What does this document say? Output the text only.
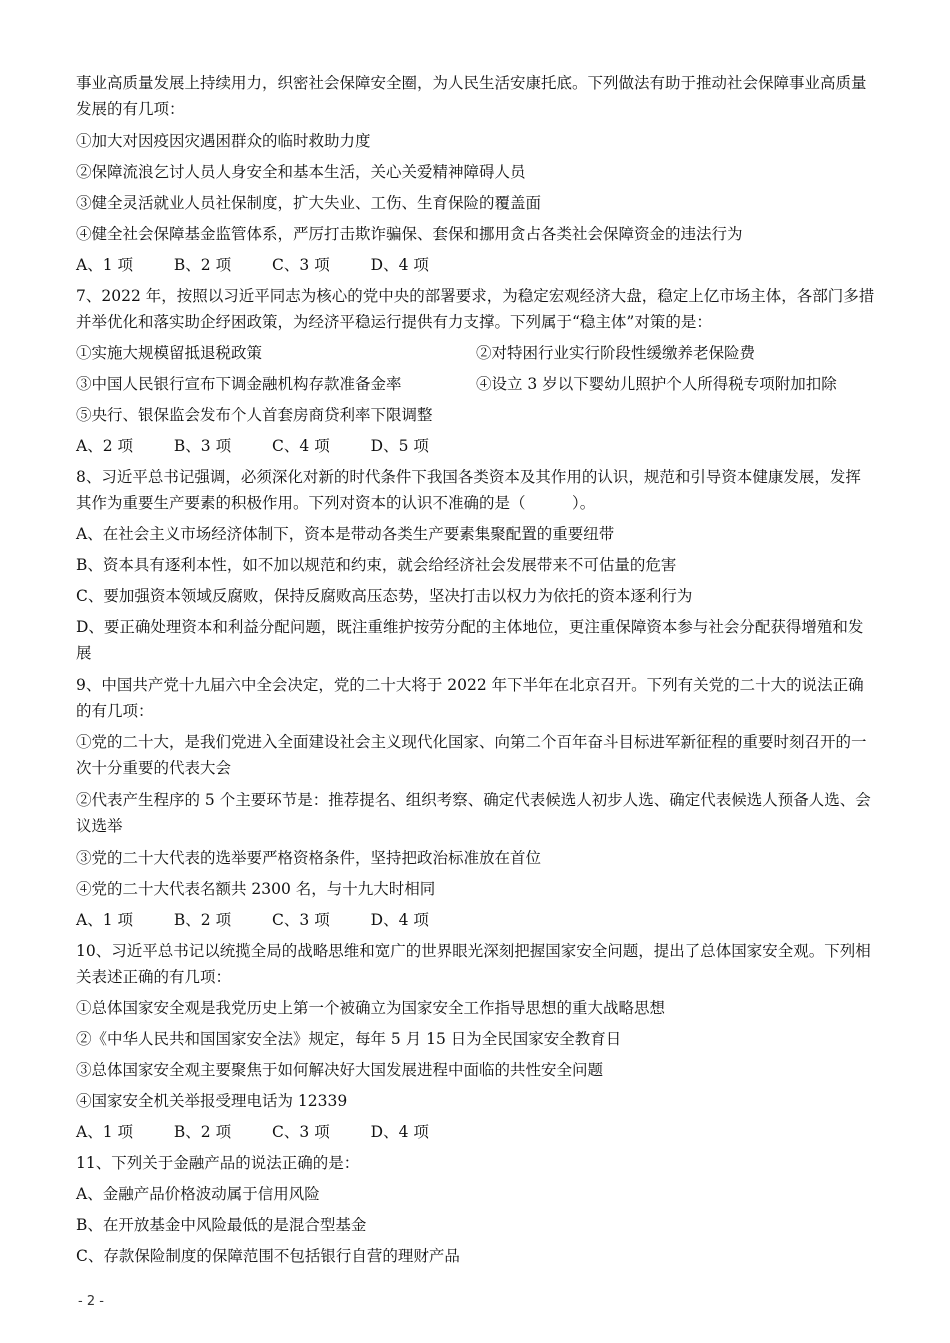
事业高质量发展上持续用力，织密社会保障安全圈，为人民生活安康托底。下列做法有助于推动社会保障事业高质量发展的有几项：

①加大对因疫因灾遇困群众的临时救助力度

②保障流浪乞讨人员人身安全和基本生活，关心关爱精神障碍人员

③健全灵活就业人员社保制度，扩大失业、工伤、生育保险的覆盖面

④健全社会保障基金监管体系，严厉打击欺诈骗保、套保和挪用贪占各类社会保障资金的违法行为

A、1 项	B、2 项	C、3 项	D、4 项

7、2022 年，按照以习近平同志为核心的党中央的部署要求，为稳定宏观经济大盘，稳定上亿市场主体，各部门多措并举优化和落实助企纾困政策，为经济平稳运行提供有力支撑。下列属于“稳主体”对策的是：

①实施大规模留抵退税政策	②对特困行业实行阶段性缓缴养老保险费
③中国人民银行宣布下调金融机构存款准备金率	④设立 3 岁以下婴幼儿照护个人所得税专项附加扣除

⑤央行、银保监会发布个人首套房商贷利率下限调整

A、2 项	B、3 项	C、4 项	D、5 项

8、习近平总书记强调，必须深化对新的时代条件下我国各类资本及其作用的认识，规范和引导资本健康发展，发挥其作为重要生产要素的积极作用。下列对资本的认识不准确的是（　　　）。

A、在社会主义市场经济体制下，资本是带动各类生产要素集聚配置的重要纽带

B、资本具有逐利本性，如不加以规范和约束，就会给经济社会发展带来不可估量的危害

C、要加强资本领域反腐败，保持反腐败高压态势，坚决打击以权力为依托的资本逐利行为

D、要正确处理资本和利益分配问题，既注重维护按劳分配的主体地位，更注重保障资本参与社会分配获得增殖和发展

9、中国共产党十九届六中全会决定，党的二十大将于 2022 年下半年在北京召开。下列有关党的二十大的说法正确的有几项：

①党的二十大，是我们党进入全面建设社会主义现代化国家、向第二个百年奋斗目标进军新征程的重要时刻召开的一次十分重要的代表大会

②代表产生程序的 5 个主要环节是：推荐提名、组织考察、确定代表候选人初步人选、确定代表候选人预备人选、会议选举

③党的二十大代表的选举要严格资格条件，坚持把政治标准放在首位

④党的二十大代表名额共 2300 名，与十九大时相同

A、1 项	B、2 项	C、3 项	D、4 项

10、习近平总书记以统揽全局的战略思维和宽广的世界眼光深刻把握国家安全问题，提出了总体国家安全观。下列相关表述正确的有几项：

①总体国家安全观是我党历史上第一个被确立为国家安全工作指导思想的重大战略思想

②《中华人民共和国国家安全法》规定，每年 5 月 15 日为全民国家安全教育日

③总体国家安全观主要聚焦于如何解决好大国发展进程中面临的共性安全问题

④国家安全机关举报受理电话为 12339

A、1 项	B、2 项	C、3 项	D、4 项

11、下列关于金融产品的说法正确的是：

A、金融产品价格波动属于信用风险

B、在开放基金中风险最低的是混合型基金

C、存款保险制度的保障范围不包括银行自营的理财产品

- 2 -
